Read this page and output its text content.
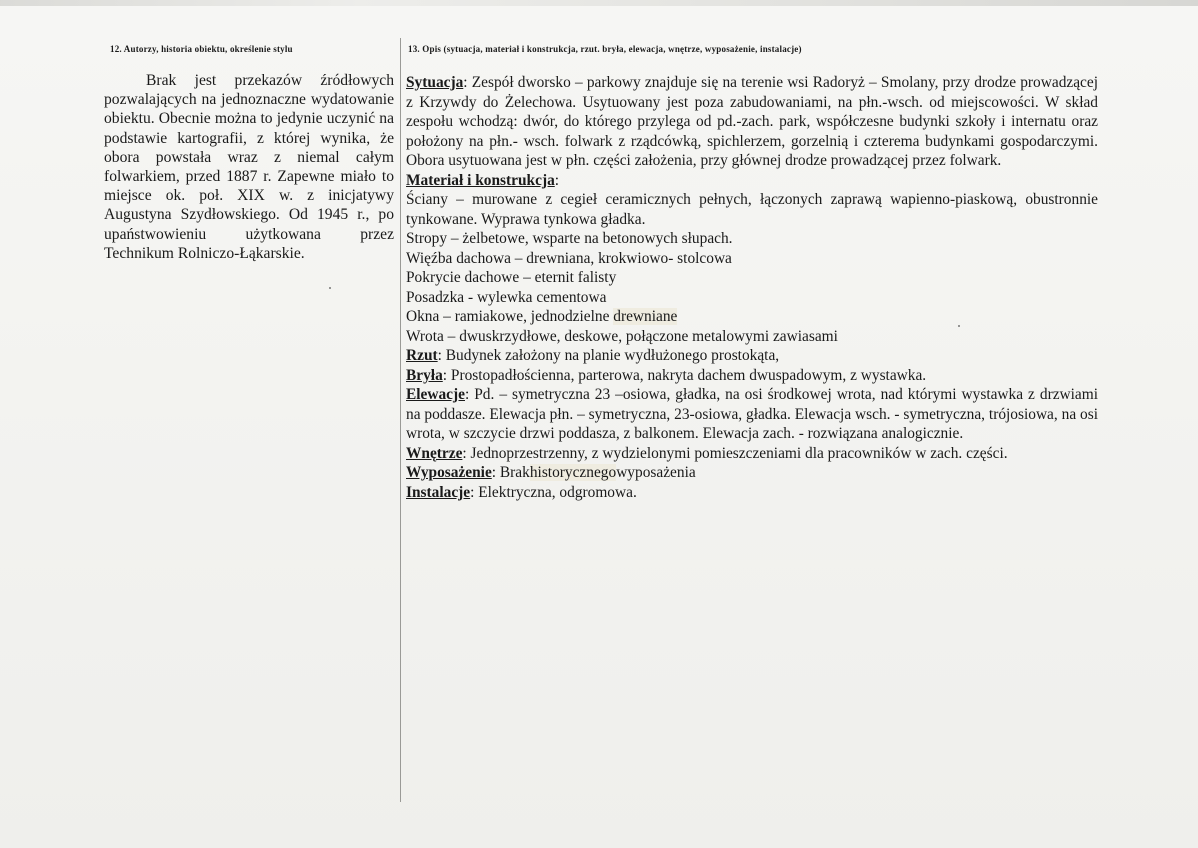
12. Autorzy, historia obiektu, określenie stylu	13. Opis (sytuacja, materiał i konstrukcja, rzut. bryła, elewacja, wnętrze, wyposażenie, instalacje)

Brak jest przekazów źródłowych pozwalających na jednoznaczne wydatowanie obiektu. Obecnie można to jedynie uczynić na podstawie kartografii, z której wynika, że obora powstała wraz z niemal całym folwarkiem, przed 1887 r. Zapewne miało to miejsce ok. poł. XIX w. z inicjatywy Augustyna Szydłowskiego. Od 1945 r., po upaństwowieniu użytkowana przez Technikum Rolniczo-Łąkarskie.

Sytuacja: Zespół dworsko – parkowy znajduje się na terenie wsi Radoryż – Smolany, przy drodze prowadzącej z Krzywdy do Żelechowa. Usytuowany jest poza zabudowaniami, na płn.-wsch. od miejscowości. W skład zespołu wchodzą: dwór, do którego przylega od pd.-zach. park, współczesne budynki szkoły i internatu oraz położony na płn.- wsch. folwark z rządcówką, spichlerzem, gorzelnią i czterema budynkami gospodarczymi. Obora usytuowana jest w płn. części założenia, przy głównej drodze prowadzącej przez folwark.

Materiał i konstrukcja:

Ściany – murowane z cegieł ceramicznych pełnych, łączonych zaprawą wapienno-piaskową, obustronnie tynkowane. Wyprawa tynkowa gładka.

Stropy – żelbetowe, wsparte na betonowych słupach.
Więźba dachowa – drewniana, krokwiowo- stolcowa
Pokrycie dachowe – eternit falisty
Posadzka - wylewka cementowa
Okna – ramiakowe, jednodzielne drewniane
Wrota – dwuskrzydłowe, deskowe, połączone metalowymi zawiasami
Rzut: Budynek założony na planie wydłużonego prostokąta,
Bryła: Prostopadłościenna, parterowa, nakryta dachem dwuspadowym, z wystawka.

Elewacje: Pd. – symetryczna 23 –osiowa, gładka, na osi środkowej wrota, nad którymi wystawka z drzwiami na poddasze. Elewacja płn. – symetryczna, 23-osiowa, gładka. Elewacja wsch. - symetryczna, trójosiowa, na osi wrota, w szczycie drzwi poddasza, z balkonem. Elewacja zach. - rozwiązana analogicznie.

Wnętrze: Jednoprzestrzenny, z wydzielonymi pomieszczeniami dla pracowników w zach. części.
Wyposażenie: Brakhistorycznegowyposażenia
Instalacje: Elektryczna, odgromowa.
